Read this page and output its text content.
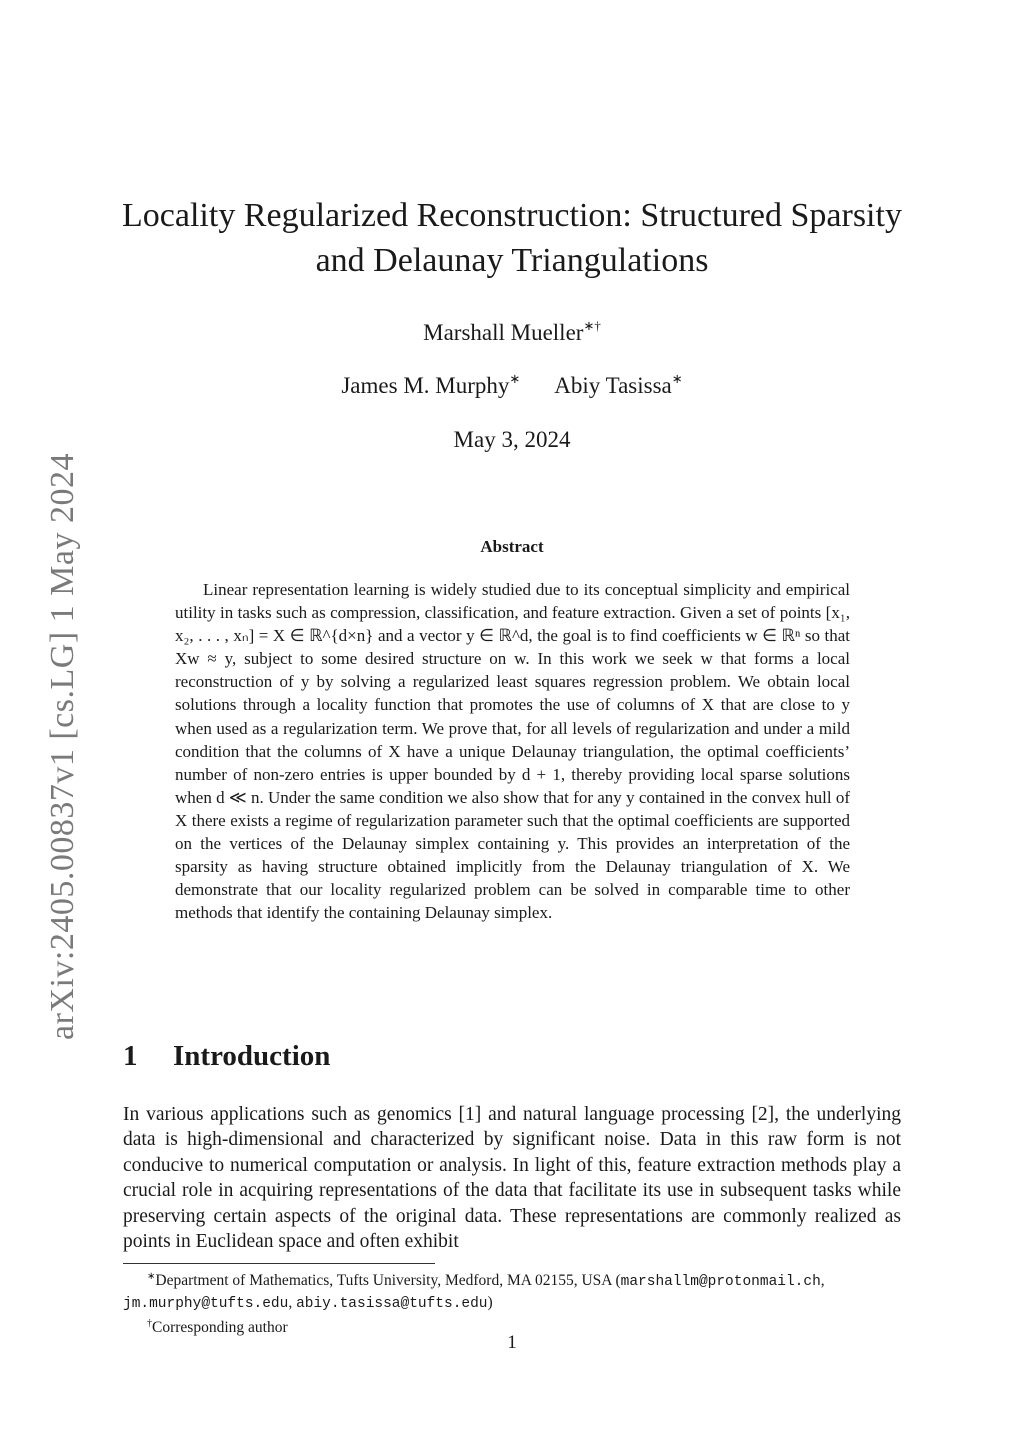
arXiv:2405.00837v1 [cs.LG] 1 May 2024
Locality Regularized Reconstruction: Structured Sparsity and Delaunay Triangulations
Marshall Mueller∗†
James M. Murphy∗ Abiy Tasissa∗
May 3, 2024
Abstract

Linear representation learning is widely studied due to its conceptual simplicity and empirical utility in tasks such as compression, classification, and feature extraction. Given a set of points [x₁, x₂, . . . , xₙ] = X ∈ ℝ^{d×n} and a vector y ∈ ℝ^d, the goal is to find coefficients w ∈ ℝⁿ so that Xw ≈ y, subject to some desired structure on w. In this work we seek w that forms a local reconstruction of y by solving a regularized least squares regression problem. We obtain local solutions through a locality function that promotes the use of columns of X that are close to y when used as a regularization term. We prove that, for all levels of regularization and under a mild condition that the columns of X have a unique Delaunay triangulation, the optimal coefficients’ number of non-zero entries is upper bounded by d + 1, thereby providing local sparse solutions when d ≪ n. Under the same condition we also show that for any y contained in the convex hull of X there exists a regime of regularization parameter such that the optimal coefficients are supported on the vertices of the Delaunay simplex containing y. This provides an interpretation of the sparsity as having structure obtained implicitly from the Delaunay triangulation of X. We demonstrate that our locality regularized problem can be solved in comparable time to other methods that identify the containing Delaunay simplex.

1 Introduction

In various applications such as genomics [1] and natural language processing [2], the underlying data is high-dimensional and characterized by significant noise. Data in this raw form is not conducive to numerical computation or analysis. In light of this, feature extraction methods play a crucial role in acquiring representations of the data that facilitate its use in subsequent tasks while preserving certain aspects of the original data. These representations are commonly realized as points in Euclidean space and often exhibit

∗Department of Mathematics, Tufts University, Medford, MA 02155, USA (marshallm@protonmail.ch, jm.murphy@tufts.edu, abiy.tasissa@tufts.edu)

†Corresponding author

1
